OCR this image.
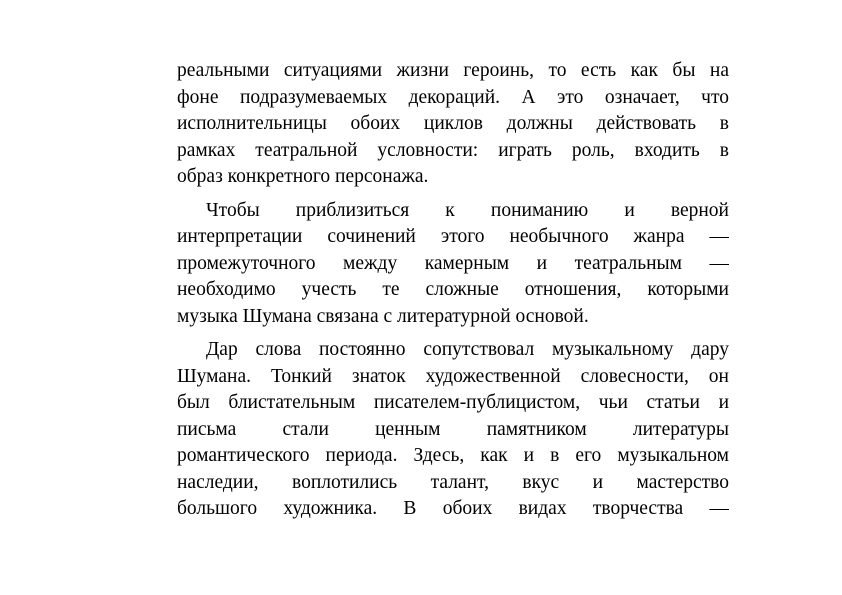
реальными ситуациями жизни героинь, то есть как бы на
фоне подразумеваемых декораций. А это означает, что
исполнительницы обоих циклов должны действовать в
рамках театральной условности: играть роль, входить в
образ конкретного персонажа.

Чтобы приблизиться к пониманию и верной
интерпретации сочинений этого необычного жанра —
промежуточного между камерным и театральным —
необходимо учесть те сложные отношения, которыми
музыка Шумана связана с литературной основой.

Дар слова постоянно сопутствовал музыкальному дару
Шумана. Тонкий знаток художественной словесности, он
был блистательным писателем-публицистом, чьи статьи и
письма стали ценным памятником литературы
романтического периода. Здесь, как и в его музыкальном
наследии, воплотились талант, вкус и мастерство
большого художника. В обоих видах творчества —
